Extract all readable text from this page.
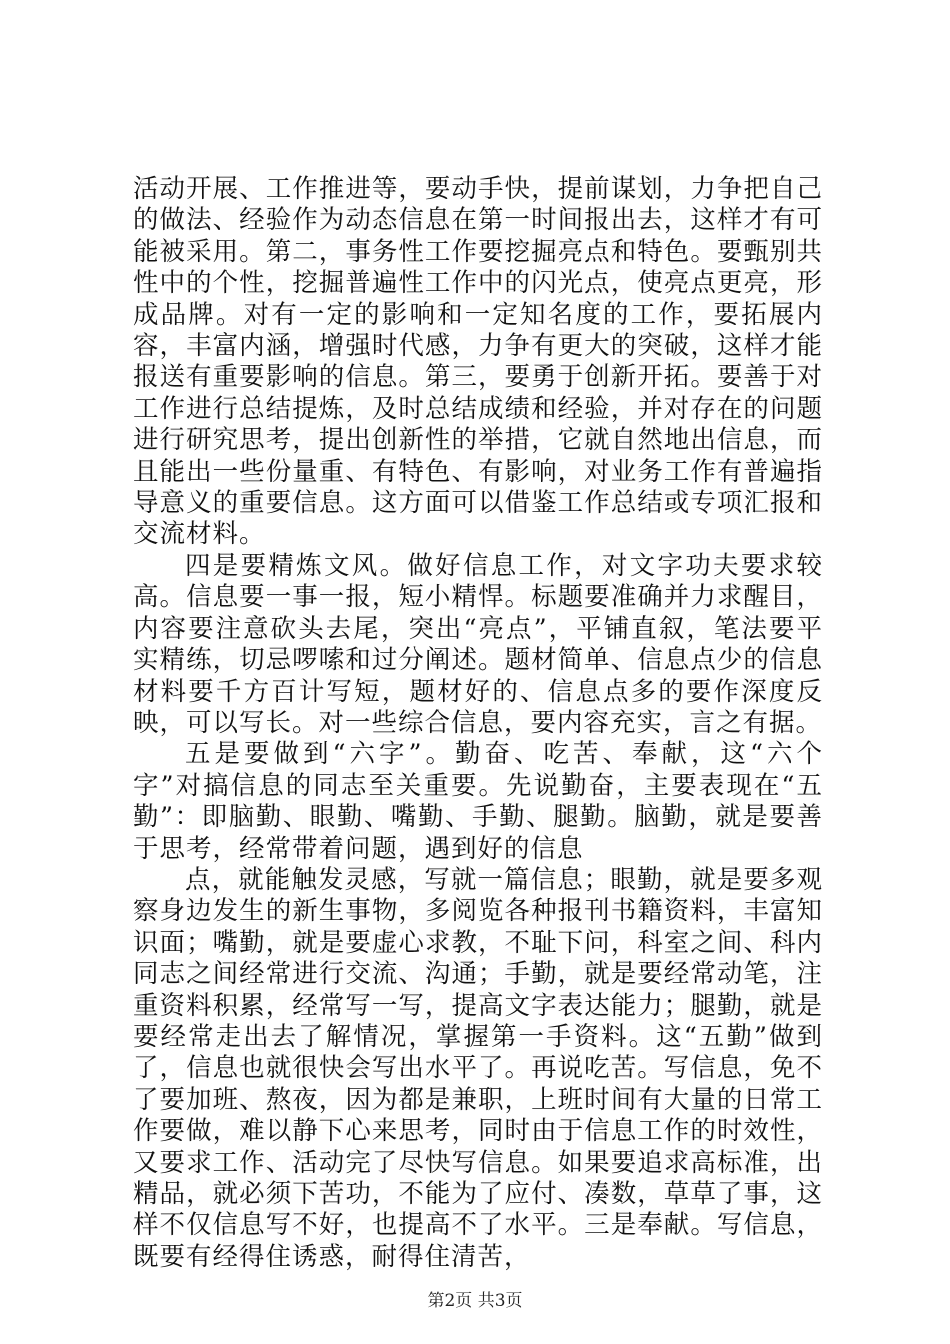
活动开展、工作推进等，要动手快，提前谋划，力争把自己的做法、经验作为动态信息在第一时间报出去，这样才有可能被采用。第二，事务性工作要挖掘亮点和特色。要甄别共性中的个性，挖掘普遍性工作中的闪光点，使亮点更亮，形成品牌。对有一定的影响和一定知名度的工作，要拓展内容，丰富内涵，增强时代感，力争有更大的突破，这样才能报送有重要影响的信息。第三，要勇于创新开拓。要善于对工作进行总结提炼，及时总结成绩和经验，并对存在的问题进行研究思考，提出创新性的举措，它就自然地出信息，而且能出一些份量重、有特色、有影响，对业务工作有普遍指导意义的重要信息。这方面可以借鉴工作总结或专项汇报和交流材料。

四是要精炼文风。做好信息工作，对文字功夫要求较高。信息要一事一报，短小精悍。标题要准确并力求醒目，内容要注意砍头去尾，突出“亮点”，平铺直叙，笔法要平实精练，切忌啰嗦和过分阐述。题材简单、信息点少的信息材料要千方百计写短，题材好的、信息点多的要作深度反映，可以写长。对一些综合信息，要内容充实，言之有据。

五是要做到“六字”。勤奋、吃苦、奉献，这“六个字”对搞信息的同志至关重要。先说勤奋，主要表现在“五勤”：即脑勤、眼勤、嘴勤、手勤、腿勤。脑勤，就是要善于思考，经常带着问题，遇到好的信息

点，就能触发灵感，写就一篇信息；眼勤，就是要多观察身边发生的新生事物，多阅览各种报刊书籍资料，丰富知识面；嘴勤，就是要虚心求教，不耻下问，科室之间、科内同志之间经常进行交流、沟通；手勤，就是要经常动笔，注重资料积累，经常写一写，提高文字表达能力；腿勤，就是要经常走出去了解情况，掌握第一手资料。这“五勤”做到了，信息也就很快会写出水平了。再说吃苦。写信息，免不了要加班、熬夜，因为都是兼职，上班时间有大量的日常工作要做，难以静下心来思考，同时由于信息工作的时效性，又要求工作、活动完了尽快写信息。如果要追求高标准，出精品，就必须下苦功，不能为了应付、凑数，草草了事，这样不仅信息写不好，也提高不了水平。三是奉献。写信息，既要有经得住诱惑，耐得住清苦，

第2页 共3页
